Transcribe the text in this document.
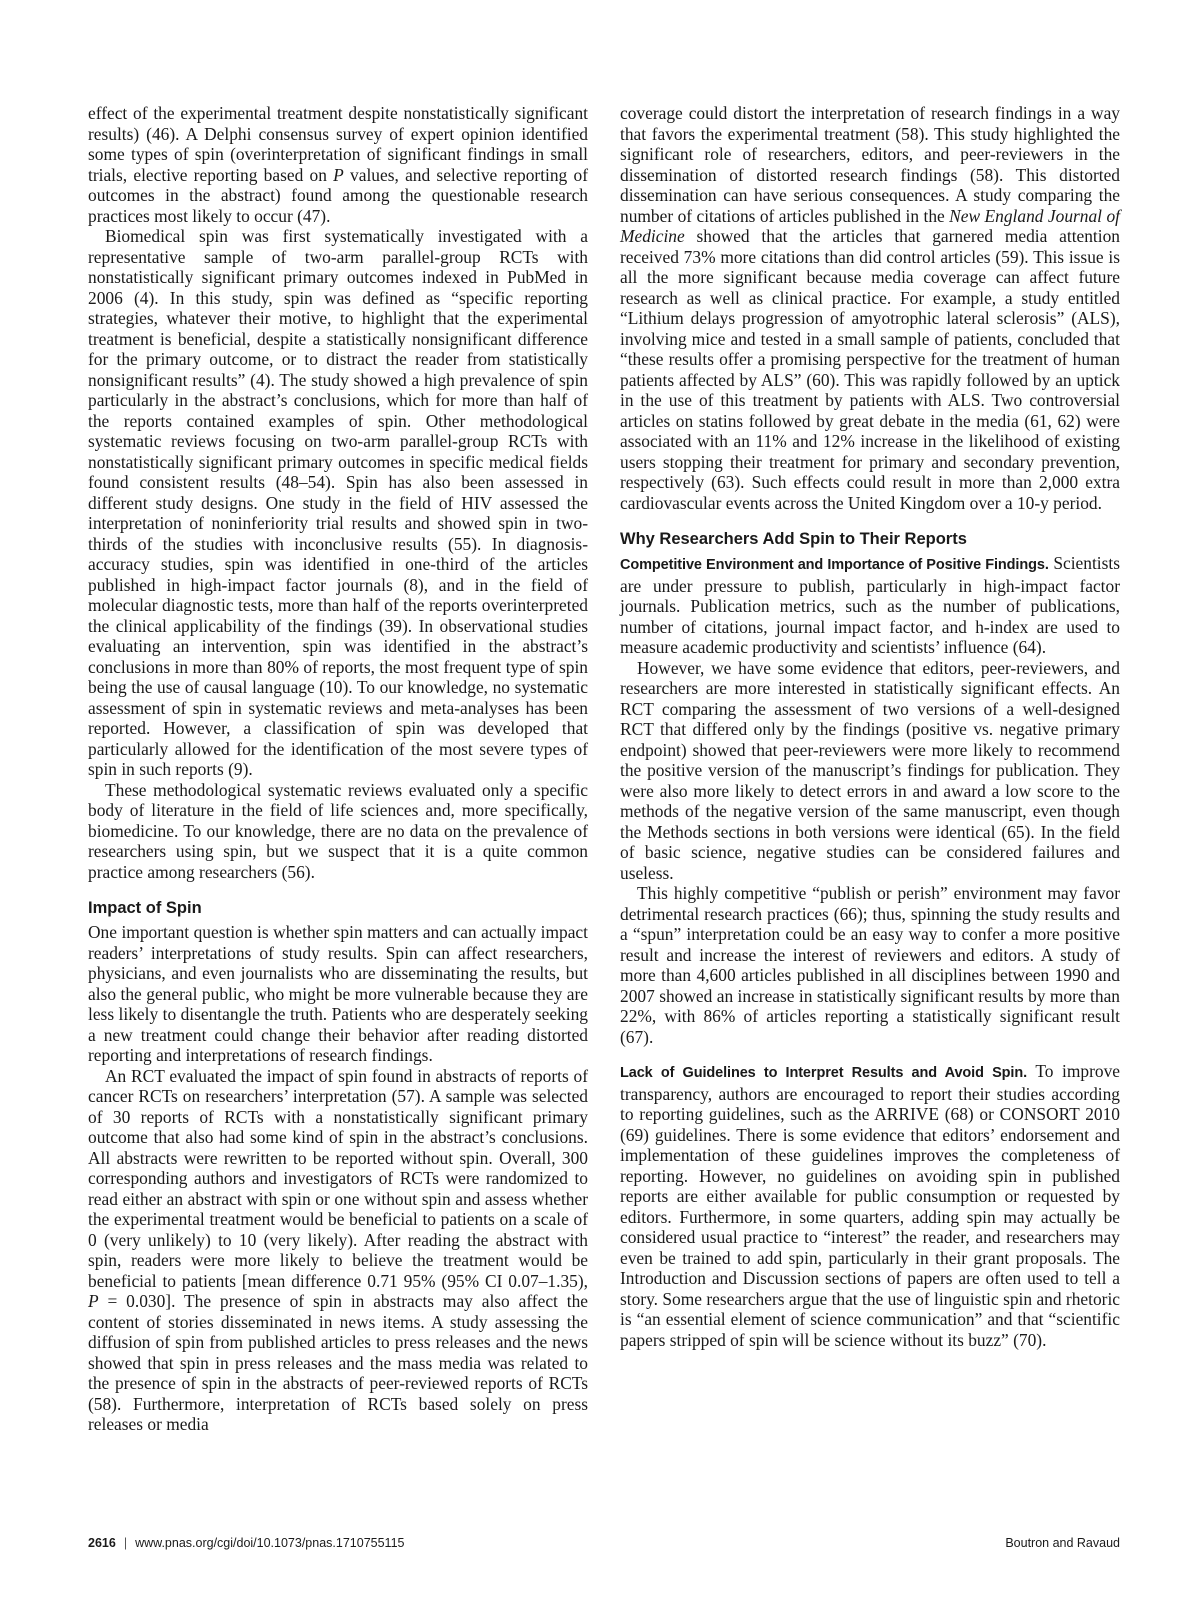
effect of the experimental treatment despite nonstatistically significant results) (46). A Delphi consensus survey of expert opinion identified some types of spin (overinterpretation of significant findings in small trials, elective reporting based on P values, and selective reporting of outcomes in the abstract) found among the questionable research practices most likely to occur (47).

Biomedical spin was first systematically investigated with a representative sample of two-arm parallel-group RCTs with nonstatistically significant primary outcomes indexed in PubMed in 2006 (4). In this study, spin was defined as “specific reporting strategies, whatever their motive, to highlight that the experimental treatment is beneficial, despite a statistically nonsignificant difference for the primary outcome, or to distract the reader from statistically nonsignificant results” (4). The study showed a high prevalence of spin particularly in the abstract’s conclusions, which for more than half of the reports contained examples of spin. Other methodological systematic reviews focusing on two-arm parallel-group RCTs with nonstatistically significant primary outcomes in specific medical fields found consistent results (48–54). Spin has also been assessed in different study designs. One study in the field of HIV assessed the interpretation of noninferiority trial results and showed spin in two-thirds of the studies with inconclusive results (55). In diagnosis-accuracy studies, spin was identified in one-third of the articles published in high-impact factor journals (8), and in the field of molecular diagnostic tests, more than half of the reports overinterpreted the clinical applicability of the findings (39). In observational studies evaluating an intervention, spin was identified in the abstract’s conclusions in more than 80% of reports, the most frequent type of spin being the use of causal language (10). To our knowledge, no systematic assessment of spin in systematic reviews and meta-analyses has been reported. However, a classification of spin was developed that particularly allowed for the identification of the most severe types of spin in such reports (9).

These methodological systematic reviews evaluated only a specific body of literature in the field of life sciences and, more specifically, biomedicine. To our knowledge, there are no data on the prevalence of researchers using spin, but we suspect that it is a quite common practice among researchers (56).

Impact of Spin

One important question is whether spin matters and can actually impact readers’ interpretations of study results. Spin can affect researchers, physicians, and even journalists who are disseminating the results, but also the general public, who might be more vulnerable because they are less likely to disentangle the truth. Patients who are desperately seeking a new treatment could change their behavior after reading distorted reporting and interpretations of research findings.

An RCT evaluated the impact of spin found in abstracts of reports of cancer RCTs on researchers’ interpretation (57). A sample was selected of 30 reports of RCTs with a nonstatistically significant primary outcome that also had some kind of spin in the abstract’s conclusions. All abstracts were rewritten to be reported without spin. Overall, 300 corresponding authors and investigators of RCTs were randomized to read either an abstract with spin or one without spin and assess whether the experimental treatment would be beneficial to patients on a scale of 0 (very unlikely) to 10 (very likely). After reading the abstract with spin, readers were more likely to believe the treatment would be beneficial to patients [mean difference 0.71 95% (95% CI 0.07–1.35), P = 0.030]. The presence of spin in abstracts may also affect the content of stories disseminated in news items. A study assessing the diffusion of spin from published articles to press releases and the news showed that spin in press releases and the mass media was related to the presence of spin in the abstracts of peer-reviewed reports of RCTs (58). Furthermore, interpretation of RCTs based solely on press releases or media

coverage could distort the interpretation of research findings in a way that favors the experimental treatment (58). This study highlighted the significant role of researchers, editors, and peer-reviewers in the dissemination of distorted research findings (58). This distorted dissemination can have serious consequences. A study comparing the number of citations of articles published in the New England Journal of Medicine showed that the articles that garnered media attention received 73% more citations than did control articles (59). This issue is all the more significant because media coverage can affect future research as well as clinical practice. For example, a study entitled “Lithium delays progression of amyotrophic lateral sclerosis” (ALS), involving mice and tested in a small sample of patients, concluded that “these results offer a promising perspective for the treatment of human patients affected by ALS” (60). This was rapidly followed by an uptick in the use of this treatment by patients with ALS. Two controversial articles on statins followed by great debate in the media (61, 62) were associated with an 11% and 12% increase in the likelihood of existing users stopping their treatment for primary and secondary prevention, respectively (63). Such effects could result in more than 2,000 extra cardiovascular events across the United Kingdom over a 10-y period.

Why Researchers Add Spin to Their Reports

Competitive Environment and Importance of Positive Findings. Scientists are under pressure to publish, particularly in high-impact factor journals. Publication metrics, such as the number of publications, number of citations, journal impact factor, and h-index are used to measure academic productivity and scientists’ influence (64).

However, we have some evidence that editors, peer-reviewers, and researchers are more interested in statistically significant effects. An RCT comparing the assessment of two versions of a well-designed RCT that differed only by the findings (positive vs. negative primary endpoint) showed that peer-reviewers were more likely to recommend the positive version of the manuscript’s findings for publication. They were also more likely to detect errors in and award a low score to the methods of the negative version of the same manuscript, even though the Methods sections in both versions were identical (65). In the field of basic science, negative studies can be considered failures and useless.

This highly competitive “publish or perish” environment may favor detrimental research practices (66); thus, spinning the study results and a “spun” interpretation could be an easy way to confer a more positive result and increase the interest of reviewers and editors. A study of more than 4,600 articles published in all disciplines between 1990 and 2007 showed an increase in statistically significant results by more than 22%, with 86% of articles reporting a statistically significant result (67).

Lack of Guidelines to Interpret Results and Avoid Spin. To improve transparency, authors are encouraged to report their studies according to reporting guidelines, such as the ARRIVE (68) or CONSORT 2010 (69) guidelines. There is some evidence that editors’ endorsement and implementation of these guidelines improves the completeness of reporting. However, no guidelines on avoiding spin in published reports are either available for public consumption or requested by editors. Furthermore, in some quarters, adding spin may actually be considered usual practice to “interest” the reader, and researchers may even be trained to add spin, particularly in their grant proposals. The Introduction and Discussion sections of papers are often used to tell a story. Some researchers argue that the use of linguistic spin and rhetoric is “an essential element of science communication” and that “scientific papers stripped of spin will be science without its buzz” (70).

2616 | www.pnas.org/cgi/doi/10.1073/pnas.1710755115	Boutron and Ravaud
